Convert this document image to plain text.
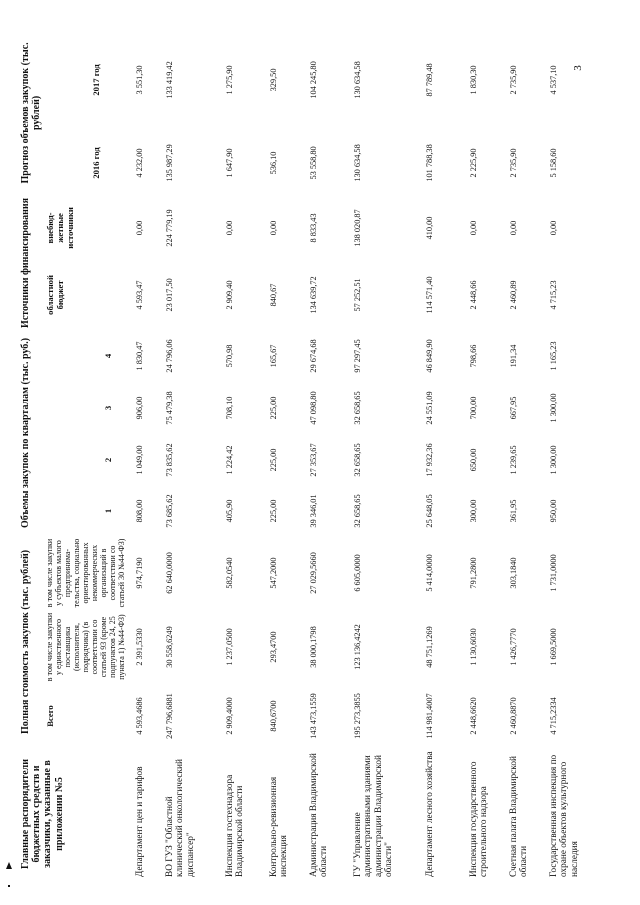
3
Главные распорядители бюджетных средств и заказчики, указанные в приложении №5	Полная стоимость закупок (тыс. рублей)			Объемы закупок по кварталам (тыс. руб.)				Источники финансирования		Прогноз объемов закупок (тыс. рублей)	
	Всего	в том числе закупки у единственного поставщика (исполнителя, подрядчика) (в соответствии со статьей 93 (кроме подпунктов 24, 25 пункта 1) №44-ФЗ)	в том числе закупки у субъектов малого предпринима-тельства, социально ориентированных некоммерческих организаций в соответствии со статьей 30 №44-ФЗ)	1	2	3	4	областной бюджет	внебюд-жетные источники	2016 год	2017 год
Департамент цен и тарифов	4 593,4686	2 391,5330	974,7190	808,00	1 049,00	906,00	1 830,47	4 593,47	0,00	4 232,00	3 551,30
ВО ГУЗ "Областной клинический онкологический диспансер"	247 796,6881	30 558,6249	62 640,0000	73 685,62	73 835,62	75 479,38	24 796,06	23 017,50	224 779,19	135 987,29	133 419,42
Инспекция гостехнадзора Владимирской области	2 909,4000	1 237,0500	582,0540	405,90	1 224,42	708,10	570,98	2 909,40	0,00	1 647,90	1 275,90
Контрольно-ревизионная инспекция	840,6700	293,4700	547,2000	225,00	225,00	225,00	165,67	840,67	0,00	536,10	329,50
Администрация Владимирской области	143 473,1559	38 000,1798	27 029,5660	39 346,01	27 353,67	47 098,80	29 674,68	134 639,72	8 833,43	53 558,80	104 245,80
ГУ "Управление административными зданиями администрации Владимирской области"	195 273,3855	123 136,4242	6 605,0000	32 658,65	32 658,65	32 658,65	97 297,45	57 252,51	138 020,87	130 634,58	130 634,58
Департамент лесного хозяйства	114 981,4007	48 751,1269	5 414,0000	25 648,05	17 932,36	24 551,09	46 849,90	114 571,40	410,00	101 788,38	87 789,48
Инспекция государственного строительного надзора	2 448,6620	1 130,6030	791,2800	300,00	650,00	700,00	798,66	2 448,66	0,00	2 225,90	1 830,30
Счетная палата Владимирской области	2 460,8870	1 426,7770	303,1840	361,95	1 239,65	667,95	191,34	2 460,89	0,00	2 735,90	2 735,90
Государственная инспекция по охране объектов культурного наследия	4 715,2334	1 669,5000	1 731,0000	950,00	1 300,00	1 300,00	1 165,23	4 715,23	0,00	5 158,60	4 537,10
